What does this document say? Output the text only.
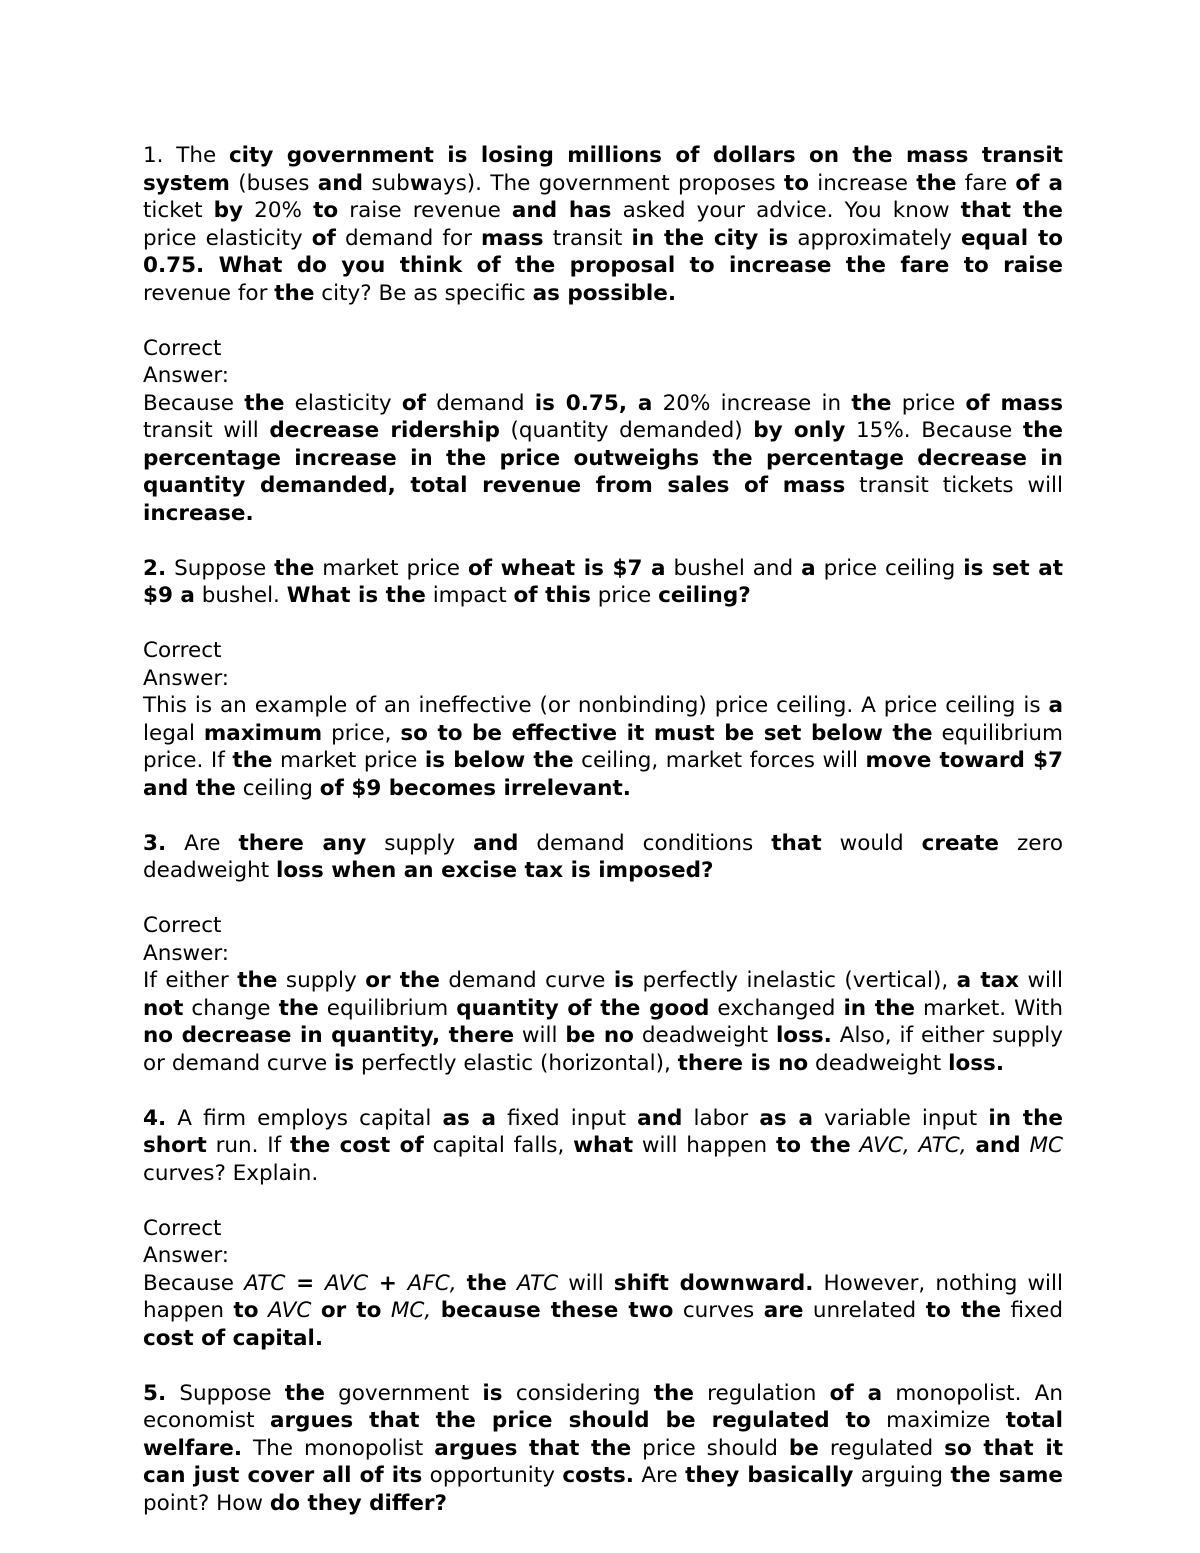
1. The city government is losing millions of dollars on the mass transit system (buses and subways). The government proposes to increase the fare of a ticket by 20% to raise revenue and has asked your advice. You know that the price elasticity of demand for mass transit in the city is approximately equal to 0.75. What do you think of the proposal to increase the fare to raise revenue for the city? Be as specific as possible.

Correct

Answer:

Because the elasticity of demand is 0.75, a 20% increase in the price of mass transit will decrease ridership (quantity demanded) by only 15%. Because the percentage increase in the price outweighs the percentage decrease in quantity demanded, total revenue from sales of mass transit tickets will increase.

2. Suppose the market price of wheat is $7 a bushel and a price ceiling is set at $9 a bushel. What is the impact of this price ceiling?

Correct

Answer:

This is an example of an ineffective (or nonbinding) price ceiling. A price ceiling is a legal maximum price, so to be effective it must be set below the equilibrium price. If the market price is below the ceiling, market forces will move toward $7 and the ceiling of $9 becomes irrelevant.

3. Are there any supply and demand conditions that would create zero deadweight loss when an excise tax is imposed?

Correct

Answer:

If either the supply or the demand curve is perfectly inelastic (vertical), a tax will not change the equilibrium quantity of the good exchanged in the market. With no decrease in quantity, there will be no deadweight loss. Also, if either supply or demand curve is perfectly elastic (horizontal), there is no deadweight loss.

4. A firm employs capital as a fixed input and labor as a variable input in the short run. If the cost of capital falls, what will happen to the AVC, ATC, and MC curves? Explain.

Correct

Answer:

Because ATC = AVC + AFC, the ATC will shift downward. However, nothing will happen to AVC or to MC, because these two curves are unrelated to the fixed cost of capital.

5. Suppose the government is considering the regulation of a monopolist. An economist argues that the price should be regulated to maximize total welfare. The monopolist argues that the price should be regulated so that it can just cover all of its opportunity costs. Are they basically arguing the same point? How do they differ?
